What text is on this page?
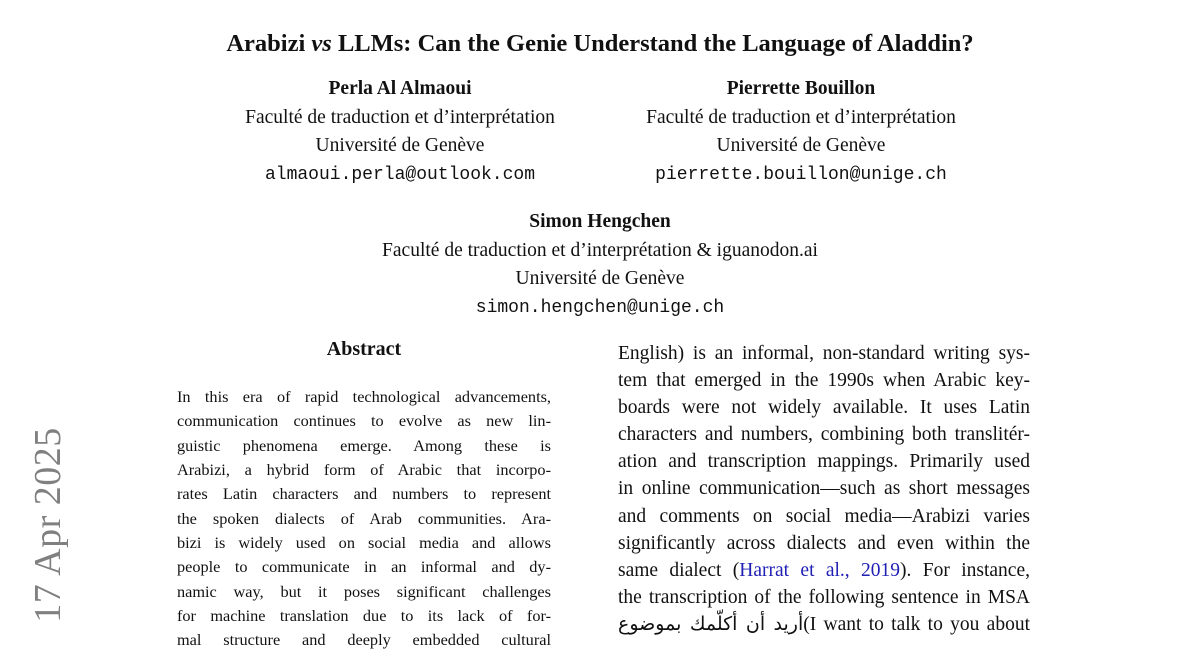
17 Apr 2025
Arabizi vs LLMs: Can the Genie Understand the Language of Aladdin?
Perla Al Almaoui
Faculté de traduction et d’interprétation
Université de Genève
almaoui.perla@outlook.com
Pierrette Bouillon
Faculté de traduction et d’interprétation
Université de Genève
pierrette.bouillon@unige.ch
Simon Hengchen
Faculté de traduction et d’interprétation & iguanodon.ai
Université de Genève
simon.hengchen@unige.ch
Abstract
In this era of rapid technological advancements,
communication continues to evolve as new lin-
guistic phenomena emerge. Among these is
Arabizi, a hybrid form of Arabic that incorpo-
rates Latin characters and numbers to represent
the spoken dialects of Arab communities. Ara-
bizi is widely used on social media and allows
people to communicate in an informal and dy-
namic way, but it poses significant challenges
for machine translation due to its lack of for-
mal structure and deeply embedded cultural
English) is an informal, non-standard writing sys-
tem that emerged in the 1990s when Arabic key-
boards were not widely available. It uses Latin
characters and numbers, combining both translitér-
ation and transcription mappings. Primarily used
in online communication—such as short messages
and comments on social media—Arabizi varies
significantly across dialects and even within the
same dialect (Harrat et al., 2019). For instance,
the transcription of the following sentence in MSA
أريد أن أكلّمك بموضوع(I want to talk to you about
